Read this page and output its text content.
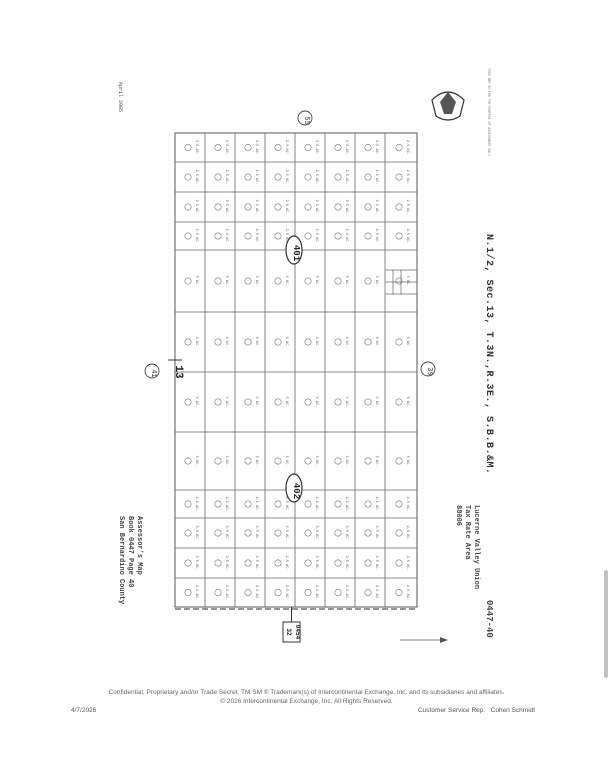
April 2005
N.1/2, Sec.13, T.3N.,R.3E., S.B.B.&M.
Lucerne Valley Union
Tax Rate Area
88006
0447-40
Assessor's Map
Book 0447 Page 40
San Bernardino County
THIS MAP IS FOR THE PURPOSE OF ASSESSMENT ONLY
2.5 AC.	2.5 AC.	2.5 AC.	2.5 AC.	2.5 AC.	2.5 AC.	2.5 AC.	2.5 AC.
2.5 AC.	2.5 AC.	2.5 AC.	2.5 AC.	2.5 AC.	2.5 AC.	2.5 AC.	2.5 AC.
2.5 AC.	2.5 AC.	2.5 AC.	2.5 AC.	2.5 AC.	2.5 AC.	2.5 AC.	2.5 AC.
2.5 AC.	2.5 AC.	2.5 AC.	2.5 AC.	2.5 AC.	2.5 AC.	2.5 AC.	2.5 AC.
5 AC.	5 AC.	5 AC.	5 AC.	5 AC.	5 AC.	5 AC.	5 AC.
5 AC.	5 AC.	5 AC.	5 AC.	5 AC.	5 AC.	5 AC.	5 AC.
5 AC.	5 AC.	5 AC.	5 AC.	5 AC.	5 AC.	5 AC.	5 AC.
5 AC.	5 AC.	5 AC.	5 AC.	5 AC.	5 AC.	5 AC.	5 AC.
2.5 AC.	2.5 AC.	2.5 AC.	2.5 AC.	2.5 AC.	2.5 AC.	2.5 AC.	2.5 AC.
2.5 AC.	2.5 AC.	2.5 AC.	2.5 AC.	2.5 AC.	2.5 AC.	2.5 AC.	2.5 AC.
2.5 AC.	2.5 AC.	2.5 AC.	2.5 AC.	2.5 AC.	2.5 AC.	2.5 AC.	2.5 AC.
2.5 AC.	2.5 AC.	2.5 AC.	2.5 AC.	2.5 AC.	2.5 AC.	2.5 AC.	2.5 AC.
401
402
55
39
41 13
0454
32
Confidential, Proprietary and/or Trade Secret. TM SM ® Trademark(s) of Intercontinental Exchange, Inc. and its subsidiaries and affiliates.
© 2026 Intercontinental Exchange, Inc. All Rights Reserved.
4/7/2026	Customer Service Rep: Cohen Schmidt
